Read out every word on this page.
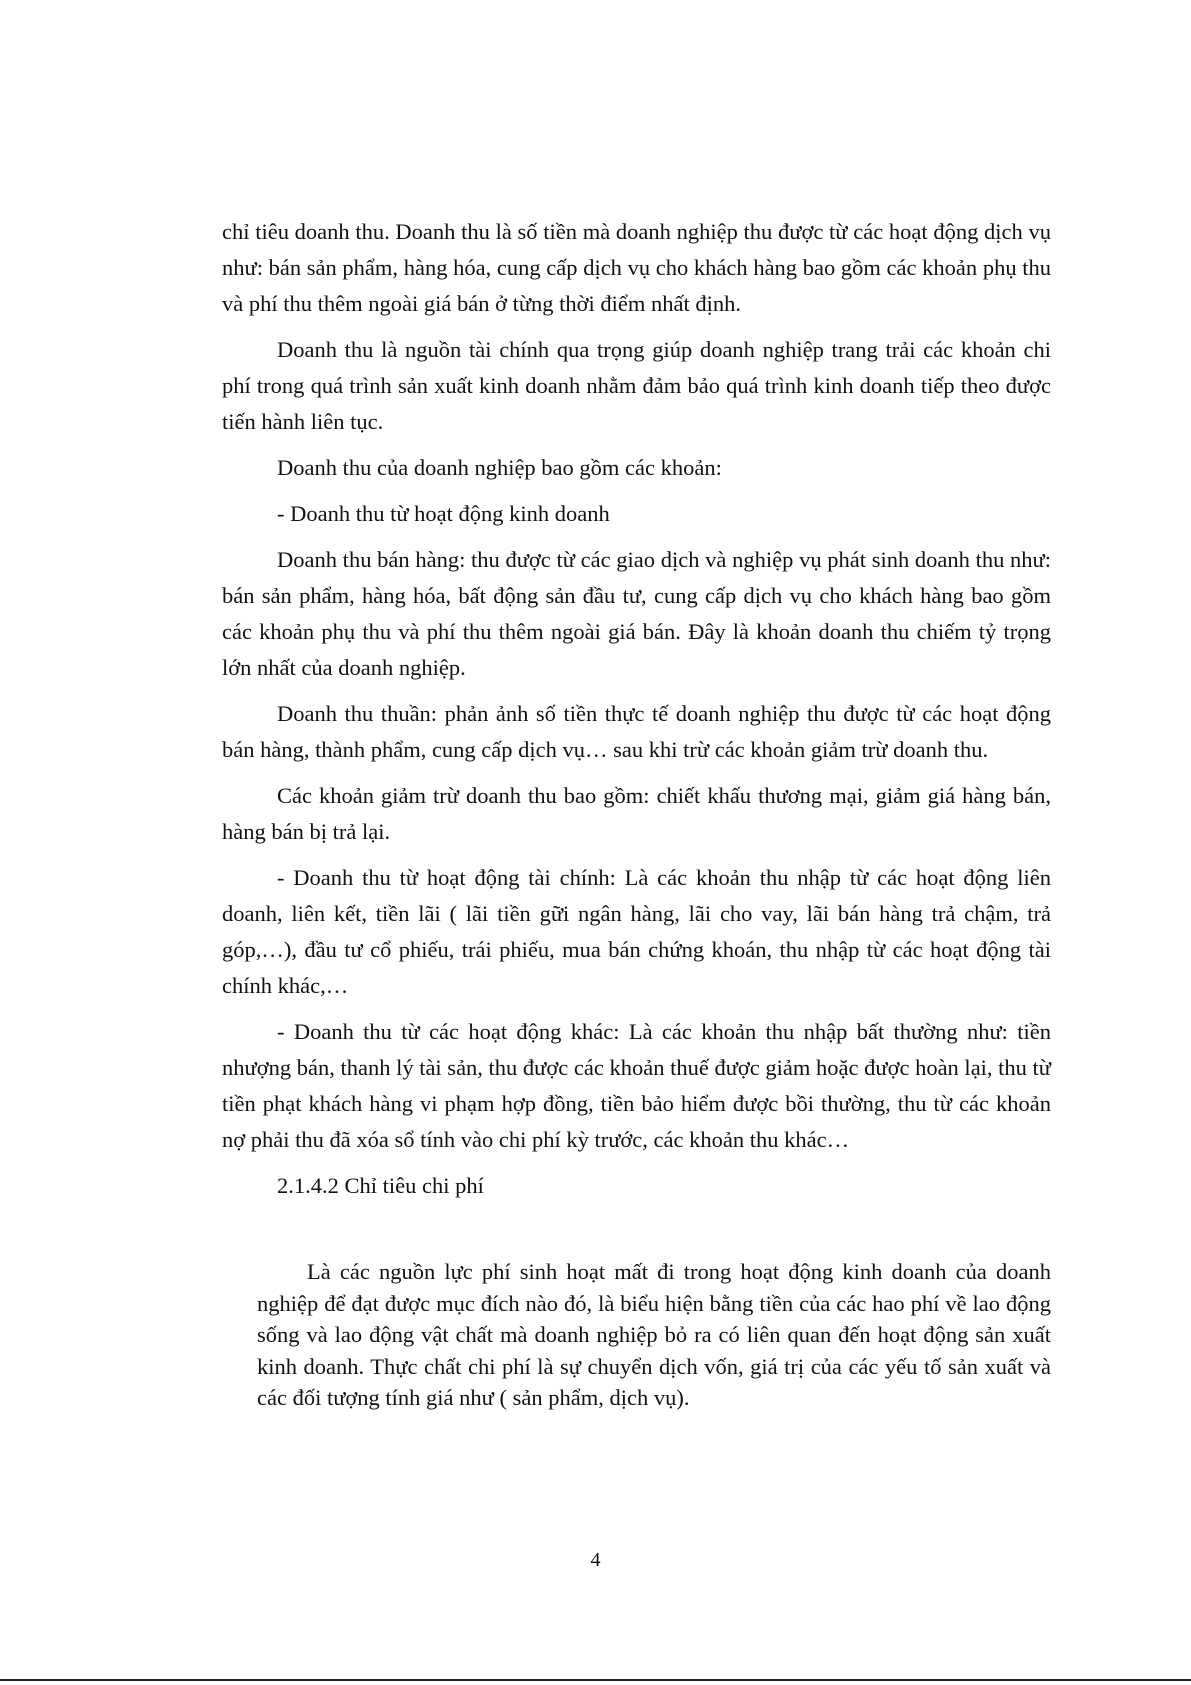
chỉ tiêu doanh thu. Doanh thu là số tiền mà doanh nghiệp thu được từ các hoạt động dịch vụ như: bán sản phẩm, hàng hóa, cung cấp dịch vụ cho khách hàng bao gồm các khoản phụ thu và phí thu thêm ngoài giá bán ở từng thời điểm nhất định.

Doanh thu là nguồn tài chính qua trọng giúp doanh nghiệp trang trải các khoản chi phí trong quá trình sản xuất kinh doanh nhằm đảm bảo quá trình kinh doanh tiếp theo được tiến hành liên tục.

Doanh thu của doanh nghiệp bao gồm các khoản:

- Doanh thu từ hoạt động kinh doanh

Doanh thu bán hàng: thu được từ các giao dịch và nghiệp vụ phát sinh doanh thu như: bán sản phẩm, hàng hóa, bất động sản đầu tư, cung cấp dịch vụ cho khách hàng bao gồm các khoản phụ thu và phí thu thêm ngoài giá bán. Đây là khoản doanh thu chiếm tỷ trọng lớn nhất của doanh nghiệp.

Doanh thu thuần: phản ảnh số tiền thực tế doanh nghiệp thu được từ các hoạt động bán hàng, thành phẩm, cung cấp dịch vụ… sau khi trừ các khoản giảm trừ doanh thu.

Các khoản giảm trừ doanh thu bao gồm: chiết khấu thương mại, giảm giá hàng bán, hàng bán bị trả lại.

- Doanh thu từ hoạt động tài chính: Là các khoản thu nhập từ các hoạt động liên doanh, liên kết, tiền lãi ( lãi tiền gữi ngân hàng, lãi cho vay, lãi bán hàng trả chậm, trả góp,…), đầu tư cổ phiếu, trái phiếu, mua bán chứng khoán, thu nhập từ các hoạt động tài chính khác,…

- Doanh thu từ các hoạt động khác: Là các khoản thu nhập bất thường như: tiền nhượng bán, thanh lý tài sản, thu được các khoản thuế được giảm hoặc được hoàn lại, thu từ tiền phạt khách hàng vi phạm hợp đồng, tiền bảo hiểm được bồi thường, thu từ các khoản nợ phải thu đã xóa sổ tính vào chi phí kỳ trước, các khoản thu khác…

2.1.4.2 Chỉ tiêu chi phí

Là các nguồn lực phí sinh hoạt mất đi trong hoạt động kinh doanh của doanh nghiệp để đạt được mục đích nào đó, là biểu hiện bằng tiền của các hao phí về lao động sống và lao động vật chất mà doanh nghiệp bỏ ra có liên quan đến hoạt động sản xuất kinh doanh. Thực chất chi phí là sự chuyển dịch vốn, giá trị của các yếu tố sản xuất và các đối tượng tính giá như ( sản phẩm, dịch vụ).

4
